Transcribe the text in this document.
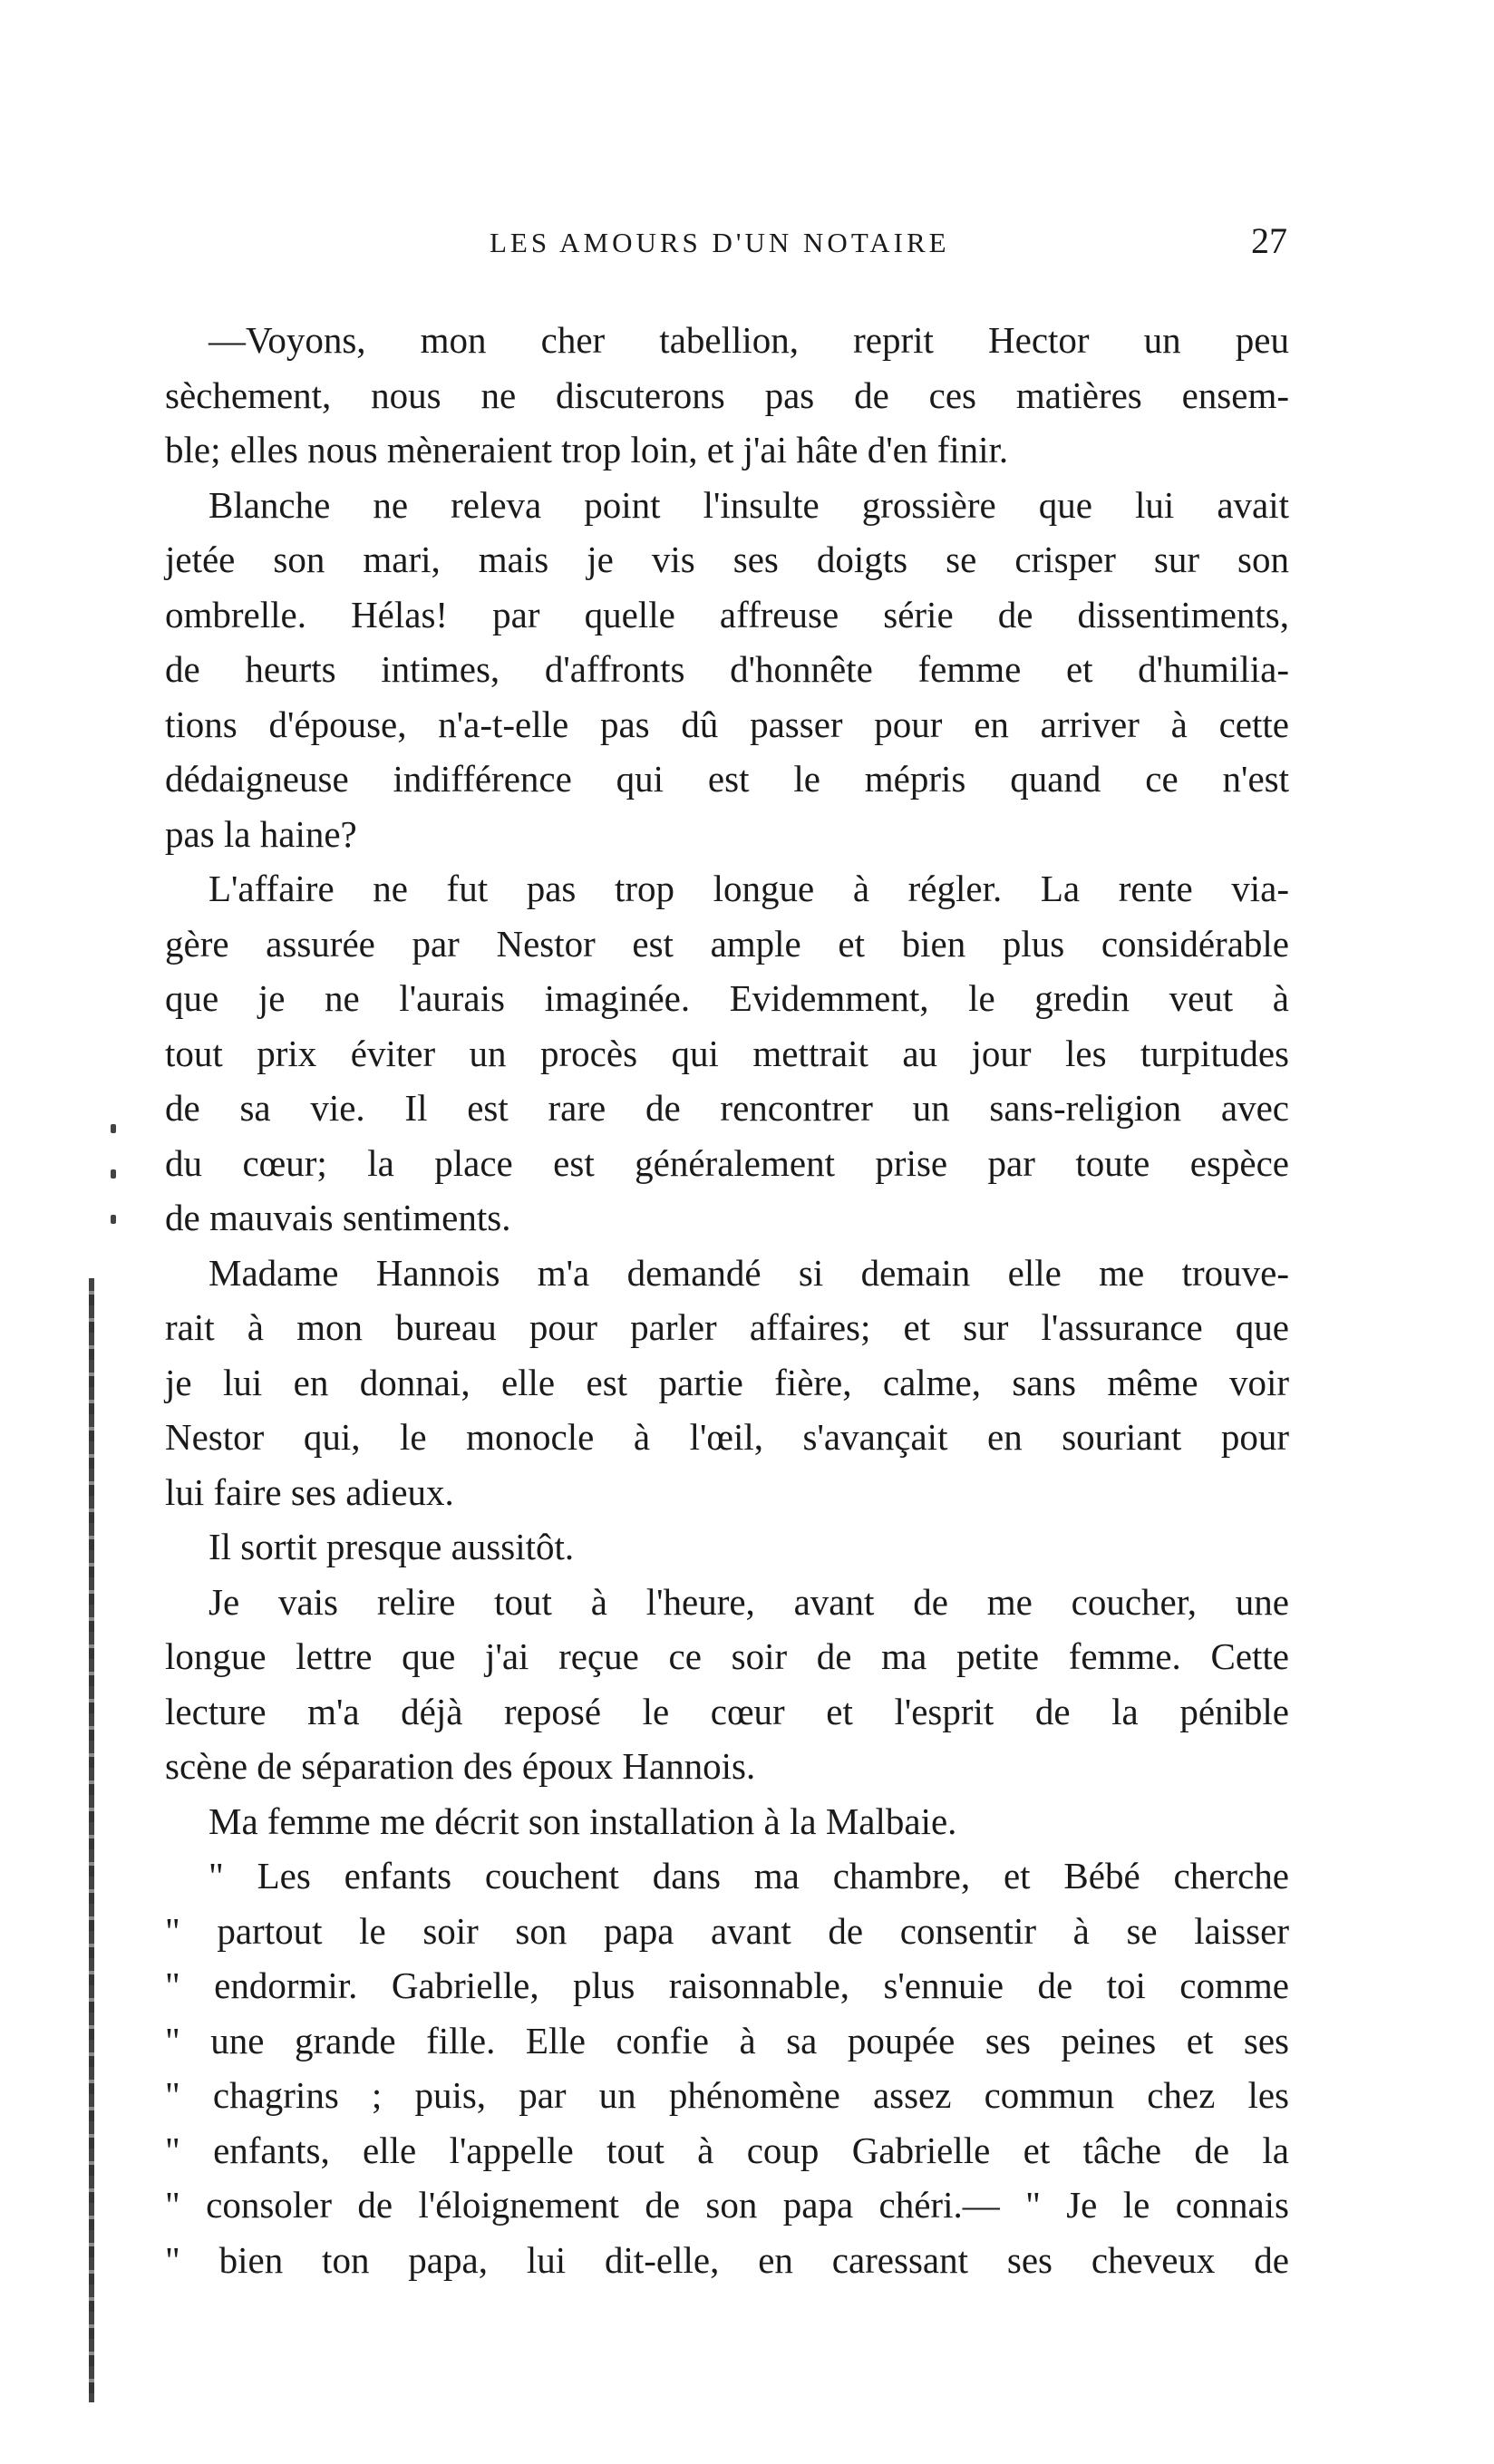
LES AMOURS D'UN NOTAIRE	27
—Voyons, mon cher tabellion, reprit Hector un peu
sèchement, nous ne discuterons pas de ces matières ensem-
ble; elles nous mèneraient trop loin, et j'ai hâte d'en finir.
Blanche ne releva point l'insulte grossière que lui avait
jetée son mari, mais je vis ses doigts se crisper sur son
ombrelle. Hélas! par quelle affreuse série de dissentiments,
de heurts intimes, d'affronts d'honnête femme et d'humilia-
tions d'épouse, n'a-t-elle pas dû passer pour en arriver à cette
dédaigneuse indifférence qui est le mépris quand ce n'est
pas la haine?
L'affaire ne fut pas trop longue à régler. La rente via-
gère assurée par Nestor est ample et bien plus considérable
que je ne l'aurais imaginée. Evidemment, le gredin veut à
tout prix éviter un procès qui mettrait au jour les turpitudes
de sa vie. Il est rare de rencontrer un sans-religion avec
du cœur; la place est généralement prise par toute espèce
de mauvais sentiments.
Madame Hannois m'a demandé si demain elle me trouve-
rait à mon bureau pour parler affaires; et sur l'assurance que
je lui en donnai, elle est partie fière, calme, sans même voir
Nestor qui, le monocle à l'œil, s'avançait en souriant pour
lui faire ses adieux.
Il sortit presque aussitôt.
Je vais relire tout à l'heure, avant de me coucher, une
longue lettre que j'ai reçue ce soir de ma petite femme. Cette
lecture m'a déjà reposé le cœur et l'esprit de la pénible
scène de séparation des époux Hannois.
Ma femme me décrit son installation à la Malbaie.
" Les enfants couchent dans ma chambre, et Bébé cherche
" partout le soir son papa avant de consentir à se laisser
" endormir. Gabrielle, plus raisonnable, s'ennuie de toi comme
" une grande fille. Elle confie à sa poupée ses peines et ses
" chagrins ; puis, par un phénomène assez commun chez les
" enfants, elle l'appelle tout à coup Gabrielle et tâche de la
" consoler de l'éloignement de son papa chéri.— " Je le connais
" bien ton papa, lui dit-elle, en caressant ses cheveux de
